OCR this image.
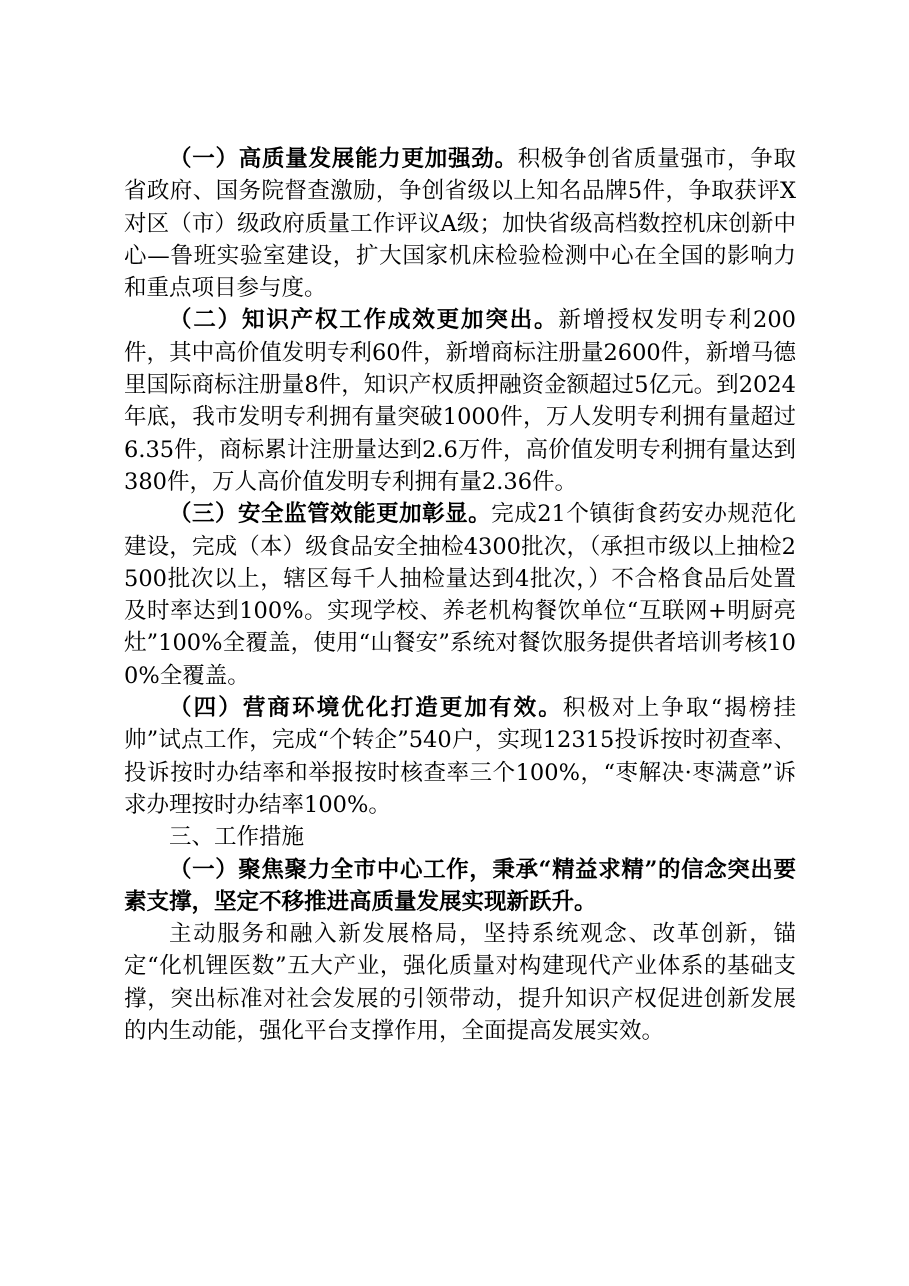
（一）高质量发展能力更加强劲。积极争创省质量强市，争取省政府、国务院督查激励，争创省级以上知名品牌5件，争取获评X对区（市）级政府质量工作评议A级；加快省级高档数控机床创新中心—鲁班实验室建设，扩大国家机床检验检测中心在全国的影响力和重点项目参与度。

（二）知识产权工作成效更加突出。新增授权发明专利200件，其中高价值发明专利60件，新增商标注册量2600件，新增马德里国际商标注册量8件，知识产权质押融资金额超过5亿元。到2024年底，我市发明专利拥有量突破1000件，万人发明专利拥有量超过6.35件，商标累计注册量达到2.6万件，高价值发明专利拥有量达到380件，万人高价值发明专利拥有量2.36件。

（三）安全监管效能更加彰显。完成21个镇街食药安办规范化建设，完成（本）级食品安全抽检4300批次，（承担市级以上抽检2500批次以上，辖区每千人抽检量达到4批次，）不合格食品后处置及时率达到100%。实现学校、养老机构餐饮单位“互联网+明厨亮灶”100%全覆盖，使用“山餐安”系统对餐饮服务提供者培训考核100%全覆盖。

（四）营商环境优化打造更加有效。积极对上争取“揭榜挂帅”试点工作，完成“个转企”540户，实现12315投诉按时初查率、投诉按时办结率和举报按时核查率三个100%，“枣解决·枣满意”诉求办理按时办结率100%。

三、工作措施

（一）聚焦聚力全市中心工作，秉承“精益求精”的信念突出要素支撑，坚定不移推进高质量发展实现新跃升。

主动服务和融入新发展格局，坚持系统观念、改革创新，锚定“化机锂医数”五大产业，强化质量对构建现代产业体系的基础支撑，突出标准对社会发展的引领带动，提升知识产权促进创新发展的内生动能，强化平台支撑作用，全面提高发展实效。
